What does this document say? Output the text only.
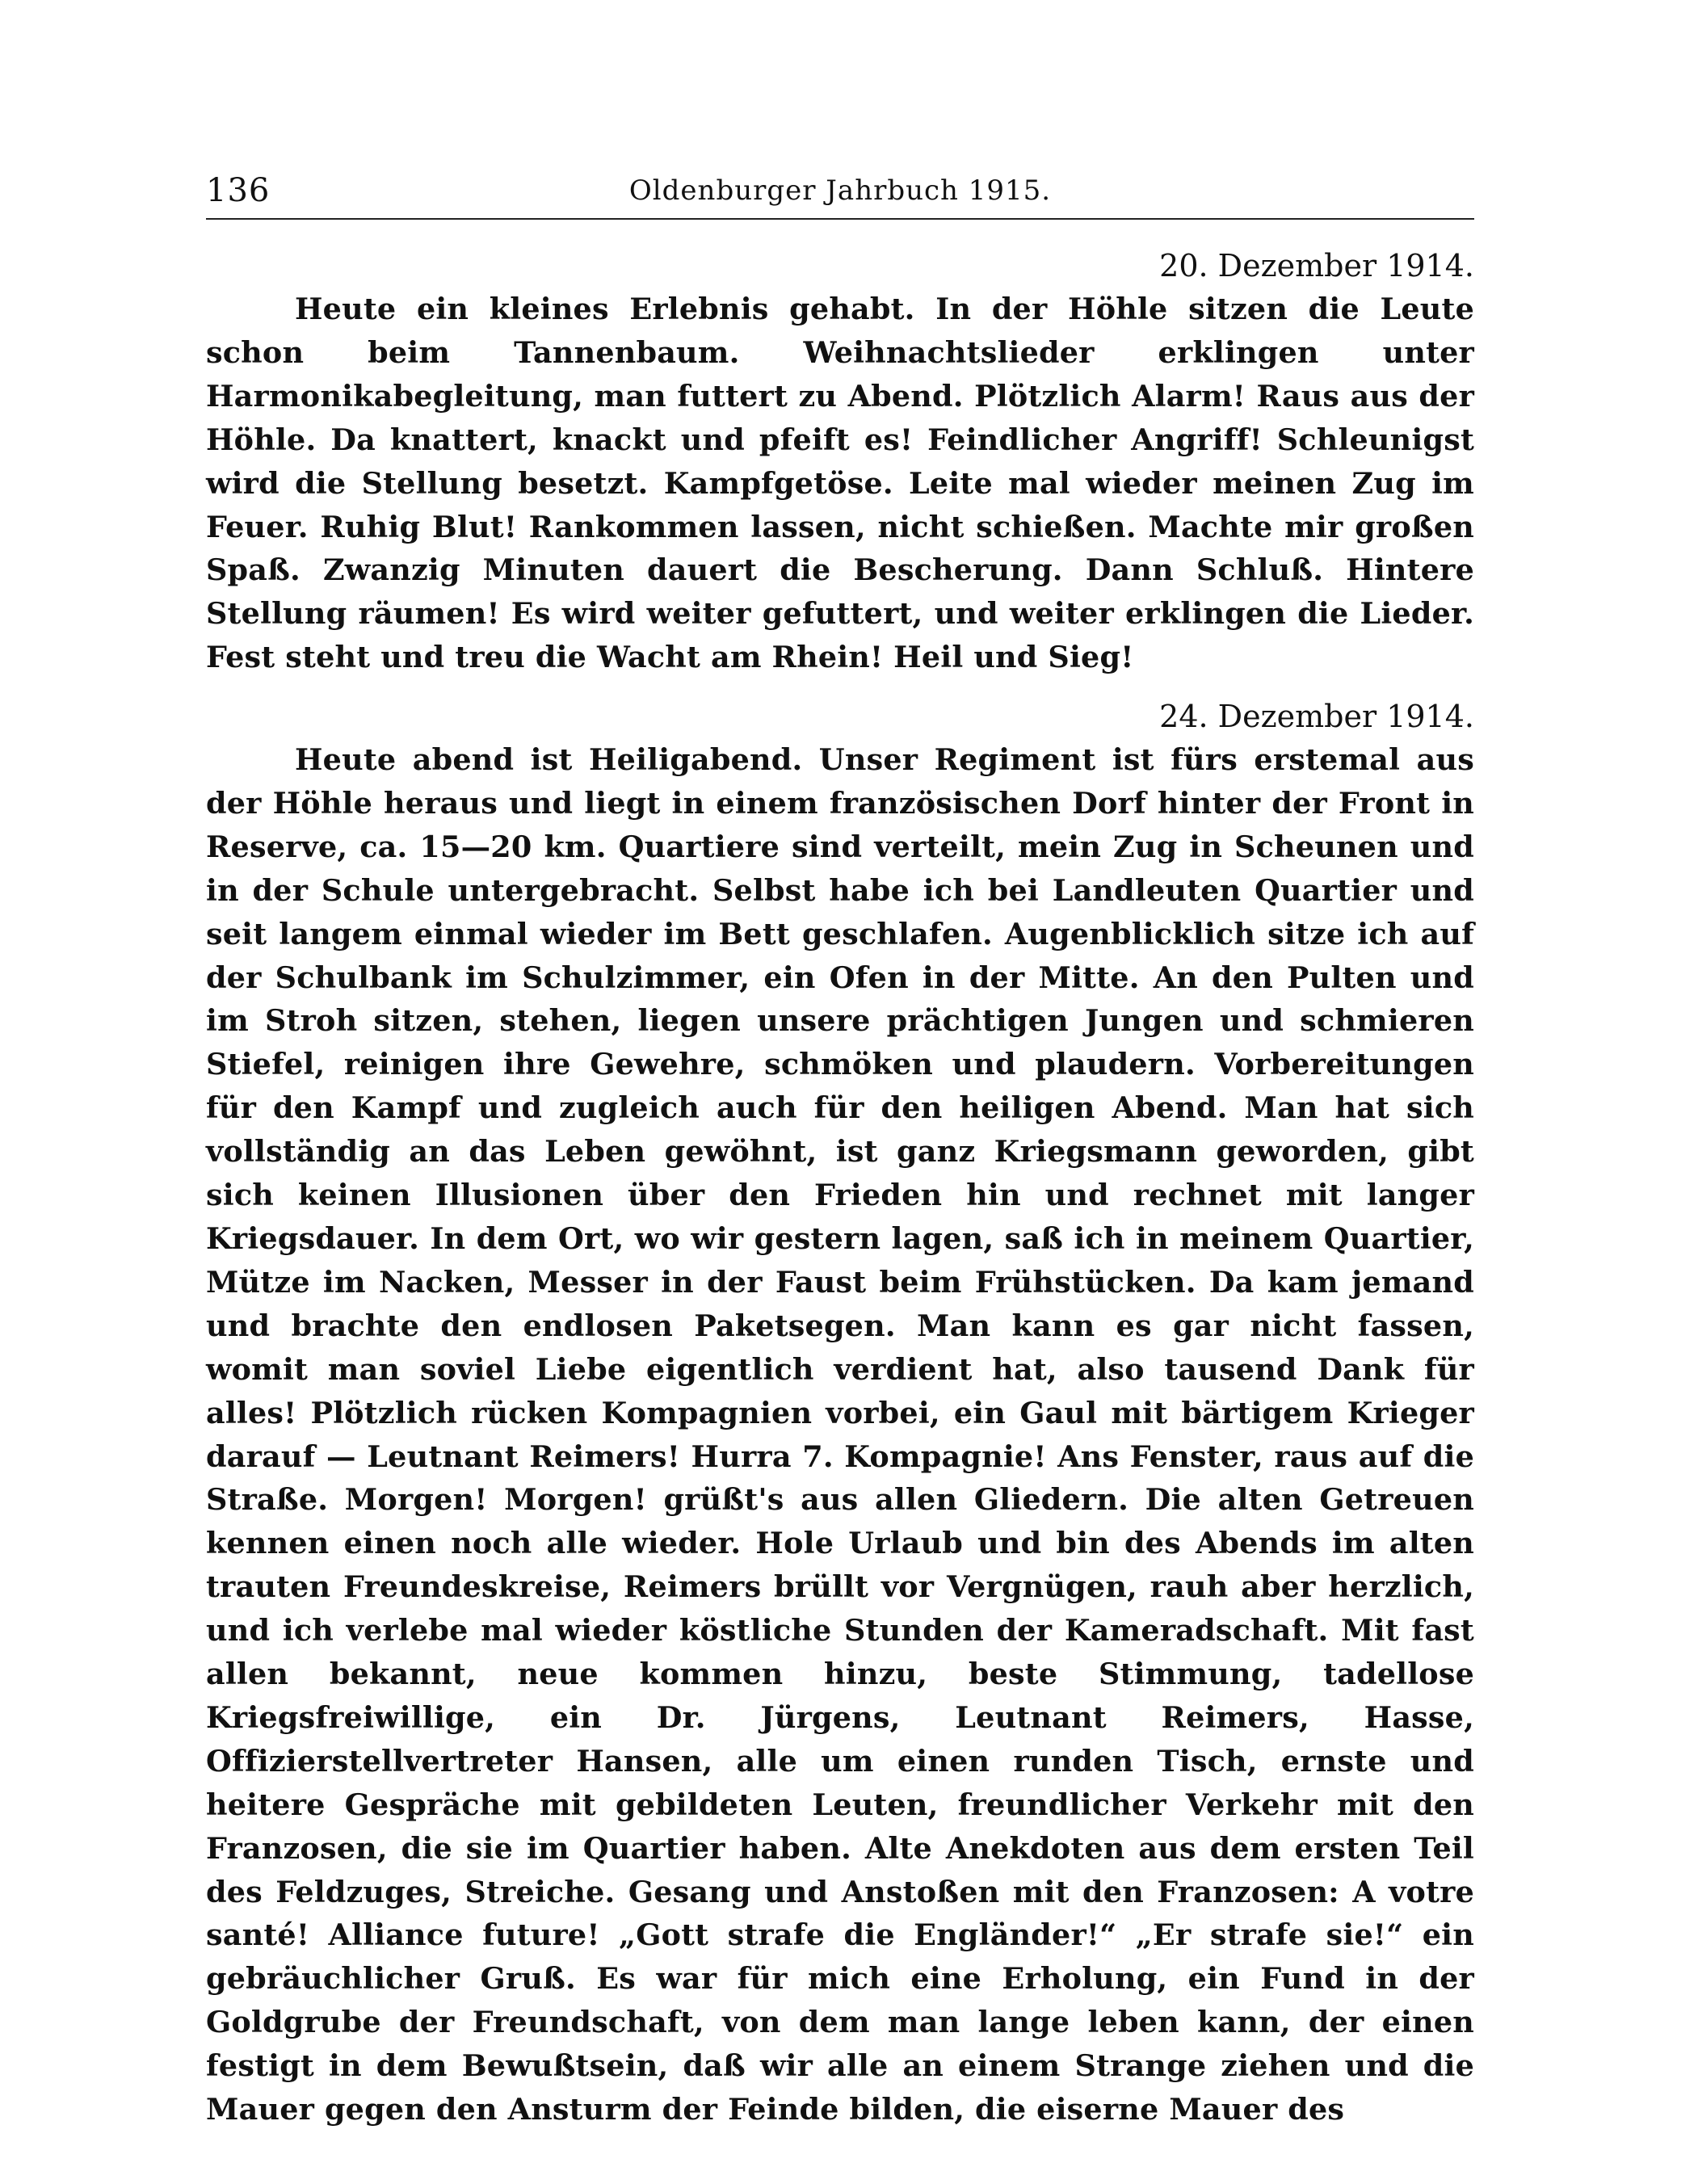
136	Oldenburger Jahrbuch 1915.
20. Dezember 1914.

Heute ein kleines Erlebnis gehabt. In der Höhle sitzen die Leute schon beim Tannenbaum. Weihnachtslieder erklingen unter Harmonikabegleitung, man futtert zu Abend. Plötzlich Alarm! Raus aus der Höhle. Da knattert, knackt und pfeift es! Feindlicher Angriff! Schleunigst wird die Stellung besetzt. Kampfgetöse. Leite mal wieder meinen Zug im Feuer. Ruhig Blut! Rankommen lassen, nicht schießen. Machte mir großen Spaß. Zwanzig Minuten dauert die Bescherung. Dann Schluß. Hintere Stellung räumen! Es wird weiter gefuttert, und weiter erklingen die Lieder. Fest steht und treu die Wacht am Rhein! Heil und Sieg!

24. Dezember 1914.

Heute abend ist Heiligabend. Unser Regiment ist fürs erstemal aus der Höhle heraus und liegt in einem französischen Dorf hinter der Front in Reserve, ca. 15—20 km. Quartiere sind verteilt, mein Zug in Scheunen und in der Schule untergebracht. Selbst habe ich bei Landleuten Quartier und seit langem einmal wieder im Bett geschlafen. Augenblicklich sitze ich auf der Schulbank im Schulzimmer, ein Ofen in der Mitte. An den Pulten und im Stroh sitzen, stehen, liegen unsere prächtigen Jungen und schmieren Stiefel, reinigen ihre Gewehre, schmöken und plaudern. Vorbereitungen für den Kampf und zugleich auch für den heiligen Abend. Man hat sich vollständig an das Leben gewöhnt, ist ganz Kriegsmann geworden, gibt sich keinen Illusionen über den Frieden hin und rechnet mit langer Kriegsdauer. In dem Ort, wo wir gestern lagen, saß ich in meinem Quartier, Mütze im Nacken, Messer in der Faust beim Frühstücken. Da kam jemand und brachte den endlosen Paketsegen. Man kann es gar nicht fassen, womit man soviel Liebe eigentlich verdient hat, also tausend Dank für alles! Plötzlich rücken Kompagnien vorbei, ein Gaul mit bärtigem Krieger darauf — Leutnant Reimers! Hurra 7. Kompagnie! Ans Fenster, raus auf die Straße. Morgen! Morgen! grüßt's aus allen Gliedern. Die alten Getreuen kennen einen noch alle wieder. Hole Urlaub und bin des Abends im alten trauten Freundeskreise, Reimers brüllt vor Vergnügen, rauh aber herzlich, und ich verlebe mal wieder köstliche Stunden der Kameradschaft. Mit fast allen bekannt, neue kommen hinzu, beste Stimmung, tadellose Kriegsfreiwillige, ein Dr. Jürgens, Leutnant Reimers, Hasse, Offizierstellvertreter Hansen, alle um einen runden Tisch, ernste und heitere Gespräche mit gebildeten Leuten, freundlicher Verkehr mit den Franzosen, die sie im Quartier haben. Alte Anekdoten aus dem ersten Teil des Feldzuges, Streiche. Gesang und Anstoßen mit den Franzosen: A votre santé! Alliance future! „Gott strafe die Engländer!“ „Er strafe sie!“ ein gebräuchlicher Gruß. Es war für mich eine Erholung, ein Fund in der Goldgrube der Freundschaft, von dem man lange leben kann, der einen festigt in dem Bewußtsein, daß wir alle an einem Strange ziehen und die Mauer gegen den Ansturm der Feinde bilden, die eiserne Mauer des
